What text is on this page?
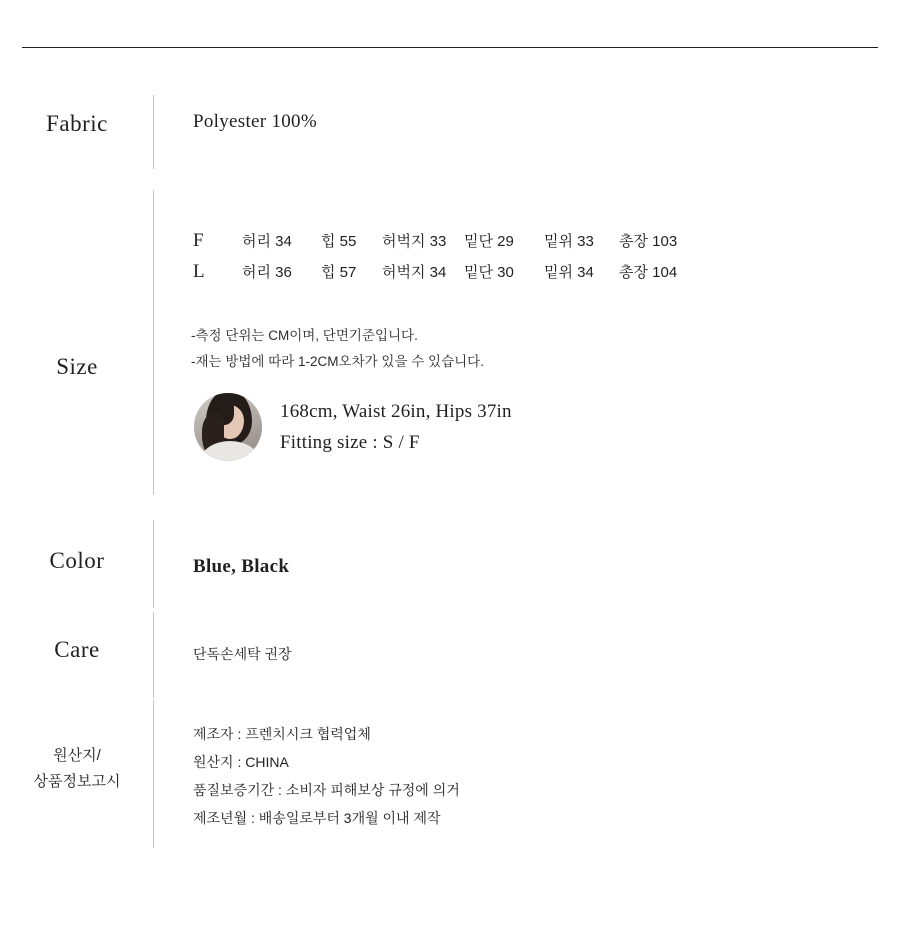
Fabric	Polyester 100%
Size
F	허리 34	힙 55	허벅지 33	밑단 29	밑위 33	총장 103
L	허리 36	힙 57	허벅지 34	밑단 30	밑위 34	총장 104
-측정 단위는 CM이며, 단면기준입니다.
-재는 방법에 따라 1-2CM오차가 있을 수 있습니다.
168cm, Waist 26in, Hips 37in
Fitting size : S / F
Color	Blue, Black
Care	단독손세탁 권장
원산지/
상품정보고시
제조자 : 프렌치시크 협력업체
원산지 : CHINA
품질보증기간 : 소비자 피해보상 규정에 의거
제조년월 : 배송일로부터 3개월 이내 제작
